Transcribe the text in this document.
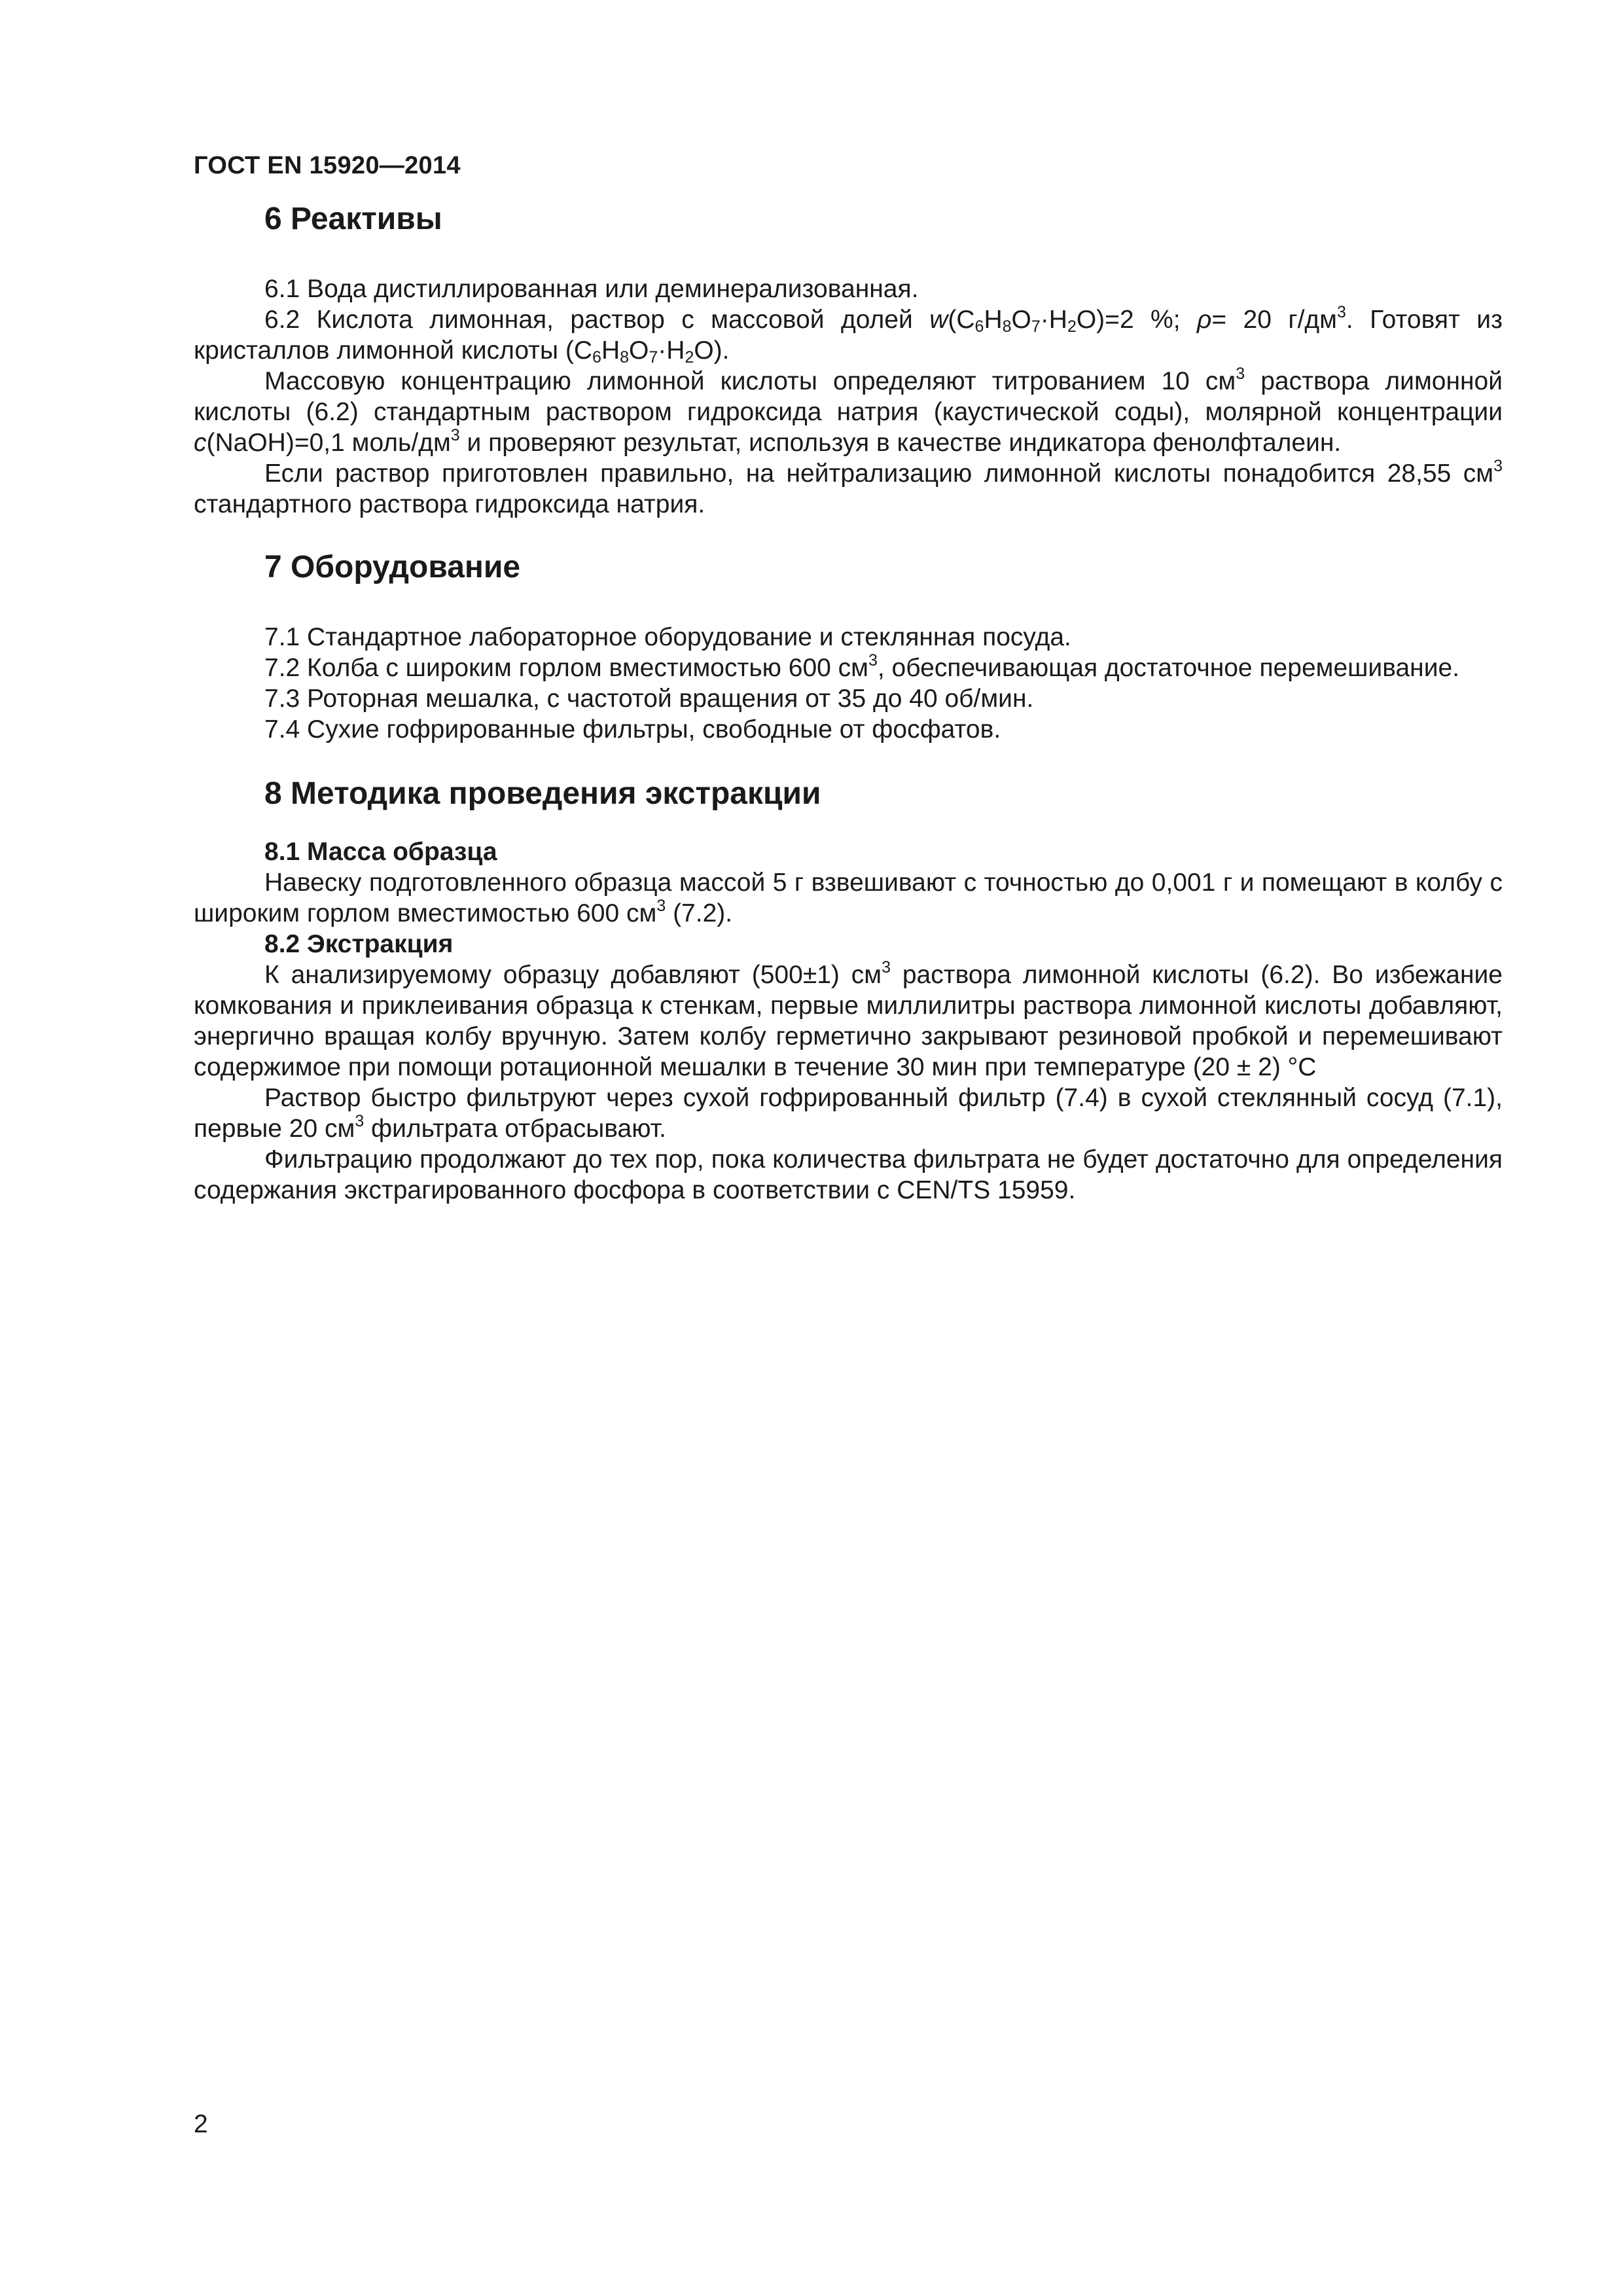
ГОСТ EN 15920—2014
6 Реактивы

6.1 Вода дистиллированная или деминерализованная.

6.2 Кислота лимонная, раствор с массовой долей $w(C_6H_8O_7\cdot H_2O)=2$ %; ρ= 20 $г/дм^3$. Готовят из кристаллов лимонной кислоты $(C_6H_8O_7\cdot H_2O)$.

Массовую концентрацию лимонной кислоты определяют титрованием 10 $см^3$ раствора лимонной кислоты (6.2) стандартным раствором гидроксида натрия (каустической соды), молярной концентрации c(NaOH)=0,1 моль/$дм^3$ и проверяют результат, используя в качестве индикатора фенолфталеин.

Если раствор приготовлен правильно, на нейтрализацию лимонной кислоты понадобится 28,55 $см^3$ стандартного раствора гидроксида натрия.

7 Оборудование

7.1 Стандартное лабораторное оборудование и стеклянная посуда.

7.2 Колба с широким горлом вместимостью 600 $см^3$, обеспечивающая достаточное перемешивание.

7.3 Роторная мешалка, с частотой вращения от 35 до 40 об/мин.

7.4 Сухие гофрированные фильтры, свободные от фосфатов.

8 Методика проведения экстракции
8.1 Масса образца

Навеску подготовленного образца массой 5 г взвешивают с точностью до 0,001 г и помещают в колбу с широким горлом вместимостью 600 $см^3$ (7.2).

8.2 Экстракция

К анализируемому образцу добавляют (500±1) $см^3$ раствора лимонной кислоты (6.2). Во избежание комкования и приклеивания образца к стенкам, первые миллилитры раствора лимонной кислоты добавляют, энергично вращая колбу вручную. Затем колбу герметично закрывают резиновой пробкой и перемешивают содержимое при помощи ротационной мешалки в течение 30 мин при температуре (20 ± 2) °C

Раствор быстро фильтруют через сухой гофрированный фильтр (7.4) в сухой стеклянный сосуд (7.1), первые 20 $см^3$ фильтрата отбрасывают.

Фильтрацию продолжают до тех пор, пока количества фильтрата не будет достаточно для определения содержания экстрагированного фосфора в соответствии с CEN/TS 15959.

2
